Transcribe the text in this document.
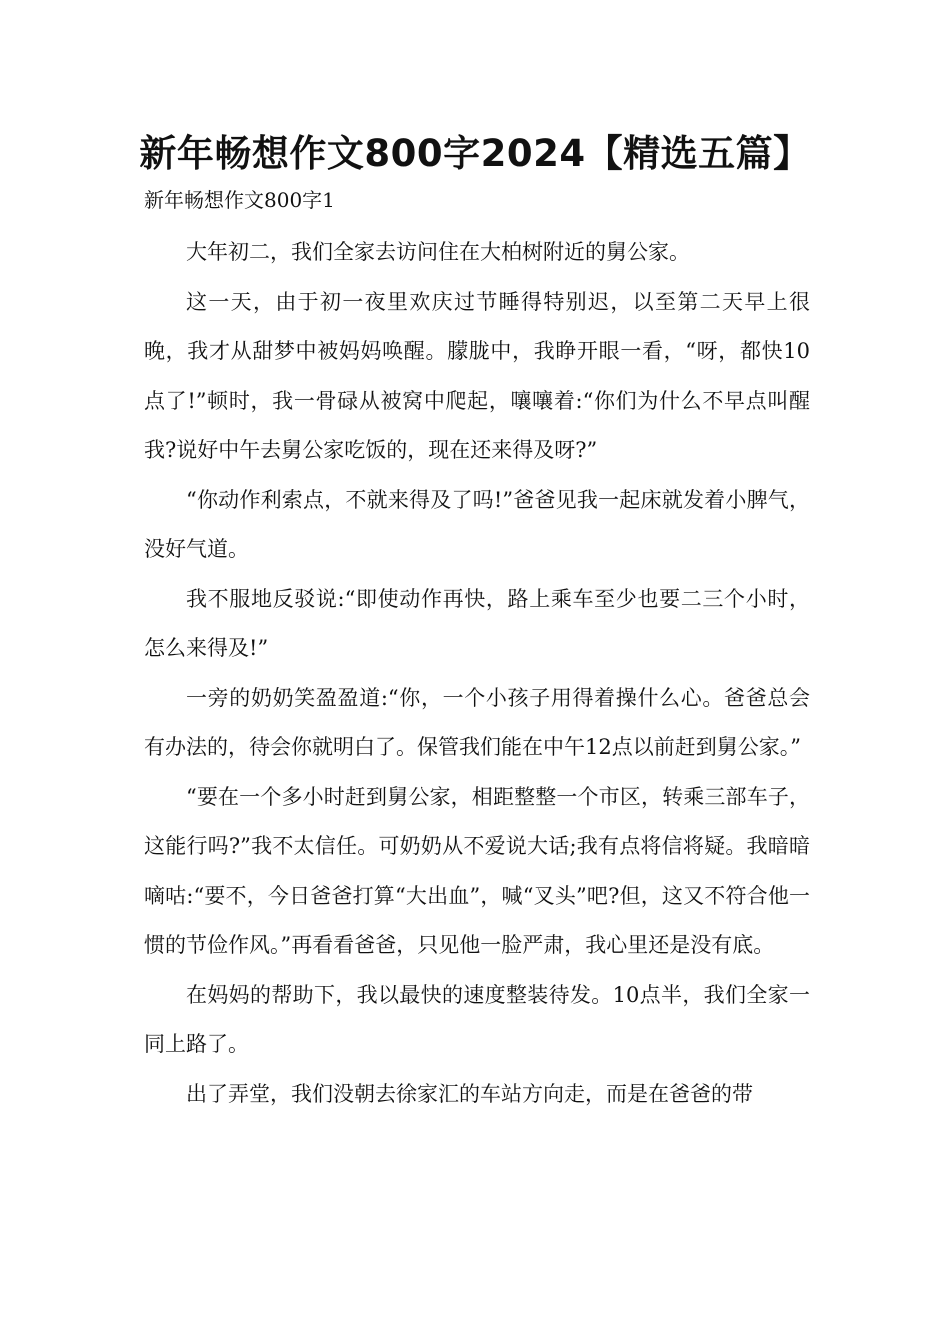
新年畅想作文800字2024【精选五篇】

新年畅想作文800字1

大年初二，我们全家去访问住在大柏树附近的舅公家。

这一天，由于初一夜里欢庆过节睡得特别迟，以至第二天早上很晚，我才从甜梦中被妈妈唤醒。朦胧中，我睁开眼一看，“呀，都快10点了!”顿时，我一骨碌从被窝中爬起，嚷嚷着:“你们为什么不早点叫醒我?说好中午去舅公家吃饭的，现在还来得及呀?”

“你动作利索点，不就来得及了吗!”爸爸见我一起床就发着小脾气，没好气道。

我不服地反驳说:“即使动作再快，路上乘车至少也要二三个小时，怎么来得及!”

一旁的奶奶笑盈盈道:“你，一个小孩子用得着操什么心。爸爸总会有办法的，待会你就明白了。保管我们能在中午12点以前赶到舅公家。”

“要在一个多小时赶到舅公家，相距整整一个市区，转乘三部车子，这能行吗?”我不太信任。可奶奶从不爱说大话;我有点将信将疑。我暗暗嘀咕:“要不，今日爸爸打算“大出血”，喊“叉头”吧?但，这又不符合他一惯的节俭作风。”再看看爸爸，只见他一脸严肃，我心里还是没有底。

在妈妈的帮助下，我以最快的速度整装待发。10点半，我们全家一同上路了。

出了弄堂，我们没朝去徐家汇的车站方向走，而是在爸爸的带
